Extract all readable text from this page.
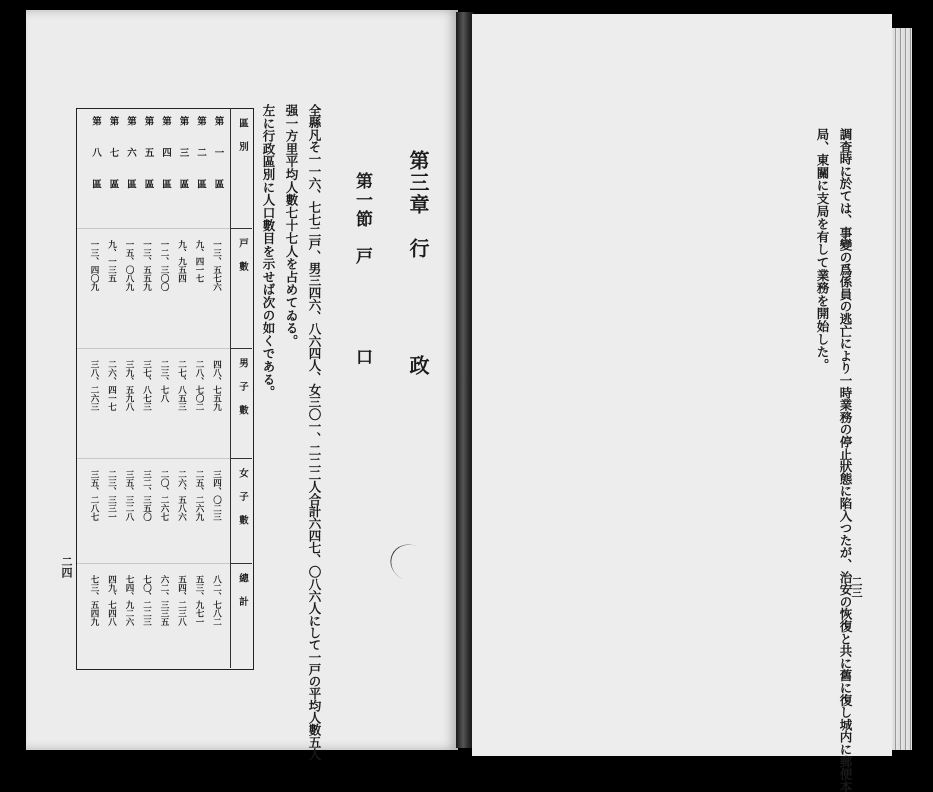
第三章行
政
第一節戸
口
全縣凡そ一一六、七七二戸、男三四六、八六四人、女三〇一、二二二人合計六四七、〇八六人にして一戸の平均人數五人
强一方里平均人數七十七人を占めてゐる。
左に行政區別に人口數目を示せば次の如くである。
區別
戸數
男子數
女子數
總計
第一區
一三、五七六
四八、七五九
三四、〇二三
八二、七八二
第二區
九、四一七
二八、七〇二
二五、二六九
五三、九七一
第三區
九、九五四
二七、八五三
二六、五八六
五四、二三八
第四區
一二、三〇〇
二三、七八
二〇、二六七
六二、三三五
第五區
一三、五五九
三七、八七三
三二、三五〇
七〇、二二三
第六區
一五、〇八九
三九、五九八
三五、三二八
七四、九二六
第七區
九、一三五
二六、四一七
二三、三三一
四九、七四八
第八區
一三、四〇九
三八、二六三
三五、二八七
七三、五四九
二四	調査時に於ては、事變の爲係員の逃亡により一時業務の停止狀態に陷入つたが、治安の恢復と共に舊に復し城内に郵便本
局、東關に支局を有して業務を開始した。
二三
